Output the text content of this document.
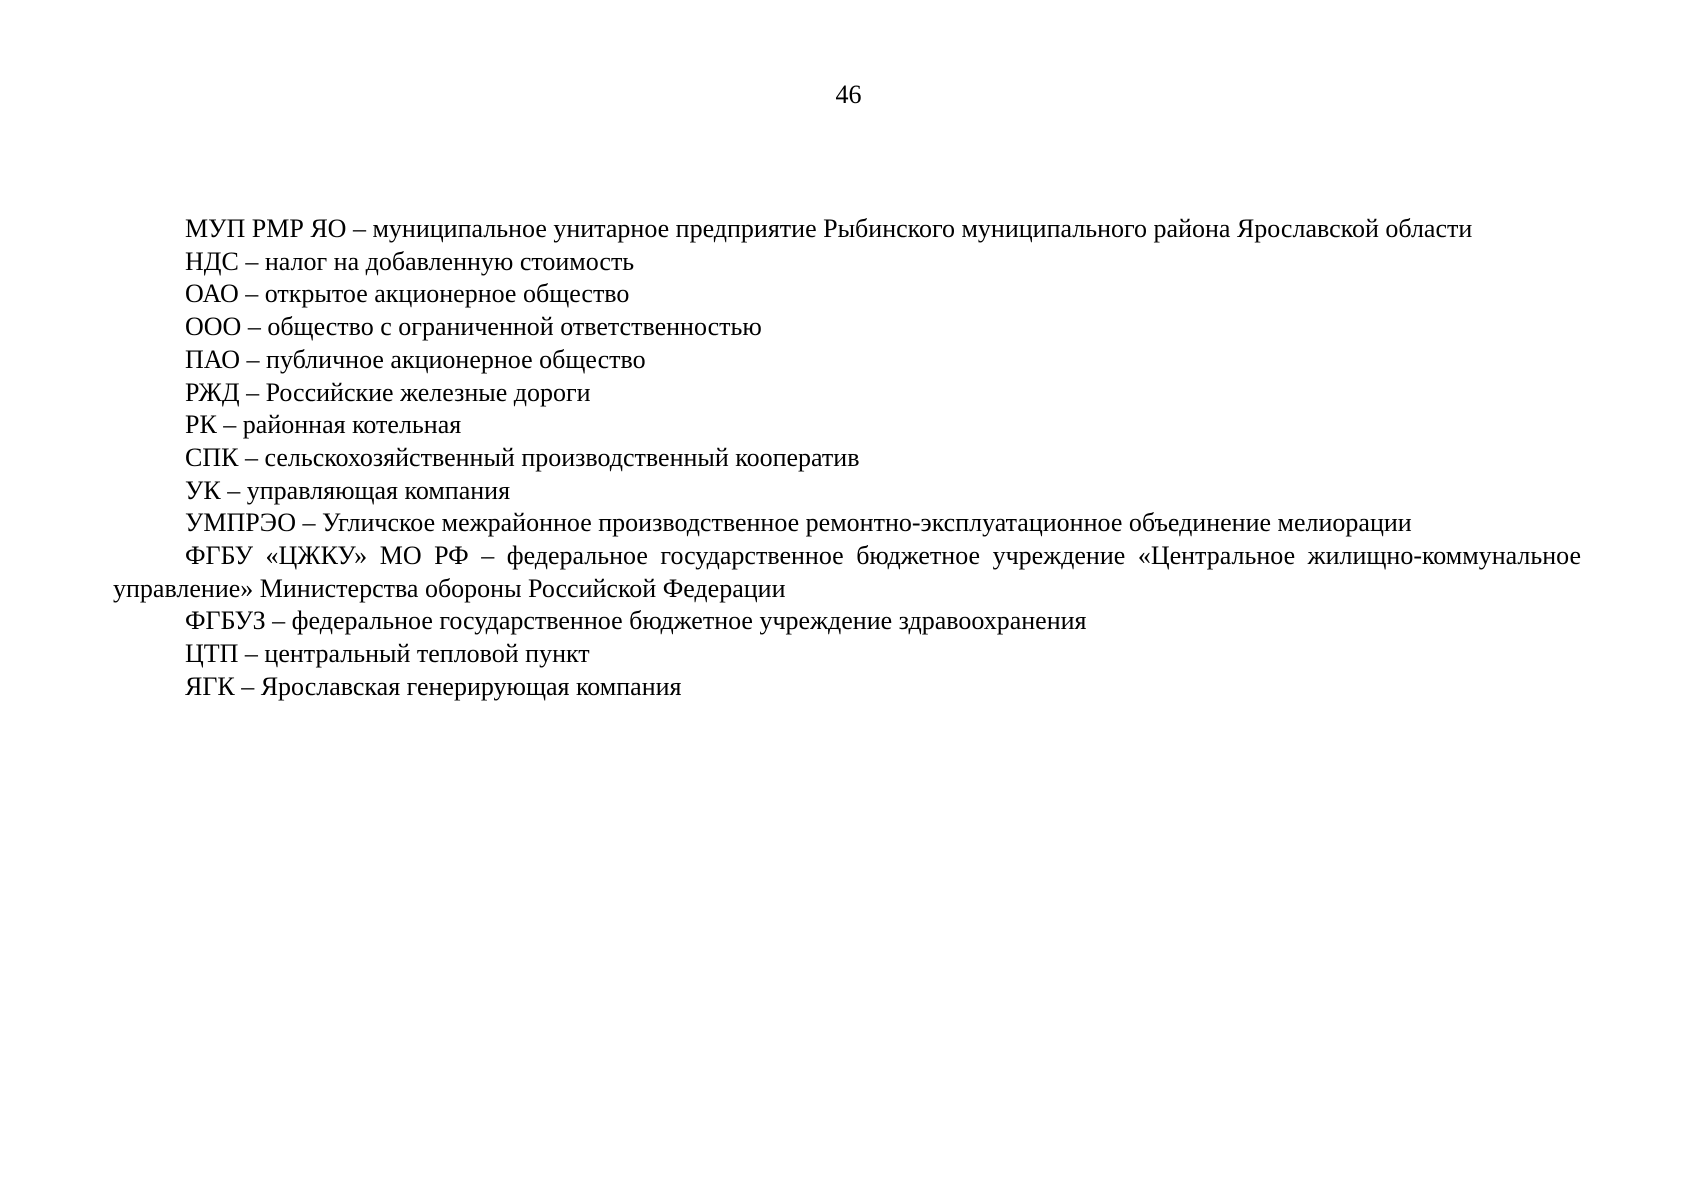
46
МУП РМР ЯО – муниципальное унитарное предприятие Рыбинского муниципального района Ярославской области
НДС – налог на добавленную стоимость
ОАО – открытое акционерное общество
ООО – общество с ограниченной ответственностью
ПАО – публичное акционерное общество
РЖД – Российские железные дороги
РК – районная котельная
СПК – сельскохозяйственный производственный кооператив
УК – управляющая компания
УМПРЭО – Угличское межрайонное производственное ремонтно-эксплуатационное объединение мелиорации
ФГБУ «ЦЖКУ» МО РФ – федеральное государственное бюджетное учреждение «Центральное жилищно-коммунальное управление» Министерства обороны Российской Федерации
ФГБУЗ – федеральное государственное бюджетное учреждение здравоохранения
ЦТП – центральный тепловой пункт
ЯГК – Ярославская генерирующая компания
